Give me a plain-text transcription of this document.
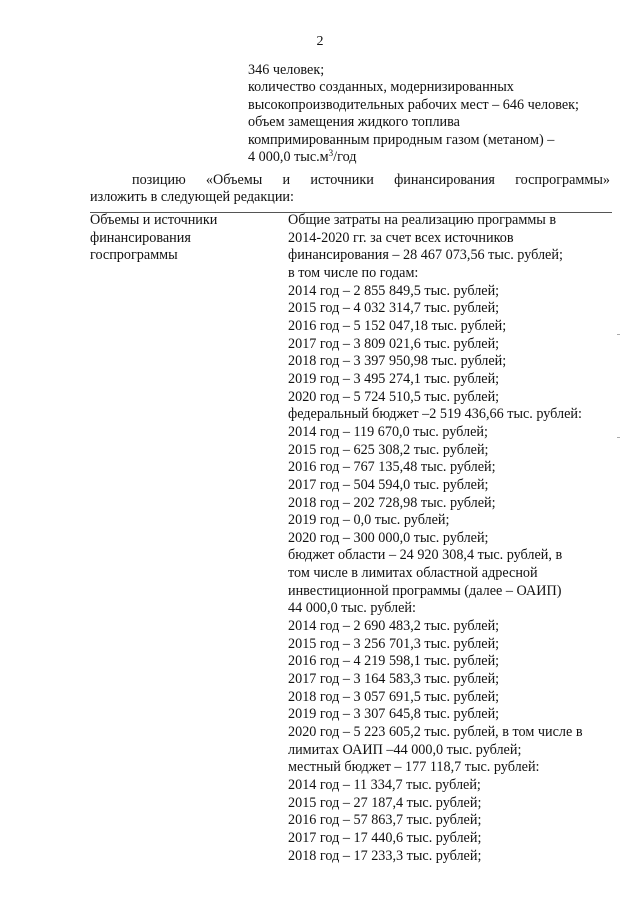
2
346 человек;
количество созданных, модернизированных
высокопроизводительных рабочих мест – 646 человек;
объем замещения жидкого топлива
компримированным природным газом (метаном) –
4 000,0 $тыс.м^3$/год
позицию «Объемы и источники финансирования госпрограммы»
изложить в следующей редакции:
Объемы и источники
финансирования
госпрограммы
Общие затраты на реализацию программы в
2014-2020 гг. за счет всех источников
финансирования – 28 467 073,56 тыс. рублей;
в том числе по годам:
2014 год – 2 855 849,5 тыс. рублей;
2015 год – 4 032 314,7 тыс. рублей;
2016 год – 5 152 047,18 тыс. рублей;
2017 год – 3 809 021,6 тыс. рублей;
2018 год – 3 397 950,98 тыс. рублей;
2019 год – 3 495 274,1 тыс. рублей;
2020 год – 5 724 510,5 тыс. рублей;
федеральный бюджет –2 519 436,66 тыс. рублей:
2014 год – 119 670,0 тыс. рублей;
2015 год – 625 308,2 тыс. рублей;
2016 год – 767 135,48 тыс. рублей;
2017 год – 504 594,0 тыс. рублей;
2018 год – 202 728,98 тыс. рублей;
2019 год – 0,0 тыс. рублей;
2020 год – 300 000,0 тыс. рублей;
бюджет области – 24 920 308,4 тыс. рублей, в
том числе в лимитах областной адресной
инвестиционной программы (далее – ОАИП)
44 000,0 тыс. рублей:
2014 год – 2 690 483,2 тыс. рублей;
2015 год – 3 256 701,3 тыс. рублей;
2016 год – 4 219 598,1 тыс. рублей;
2017 год – 3 164 583,3 тыс. рублей;
2018 год – 3 057 691,5 тыс. рублей;
2019 год – 3 307 645,8 тыс. рублей;
2020 год – 5 223 605,2 тыс. рублей, в том числе в
лимитах ОАИП –44 000,0 тыс. рублей;
местный бюджет – 177 118,7 тыс. рублей:
2014 год – 11 334,7 тыс. рублей;
2015 год – 27 187,4 тыс. рублей;
2016 год – 57 863,7 тыс. рублей;
2017 год – 17 440,6 тыс. рублей;
2018 год – 17 233,3 тыс. рублей;
